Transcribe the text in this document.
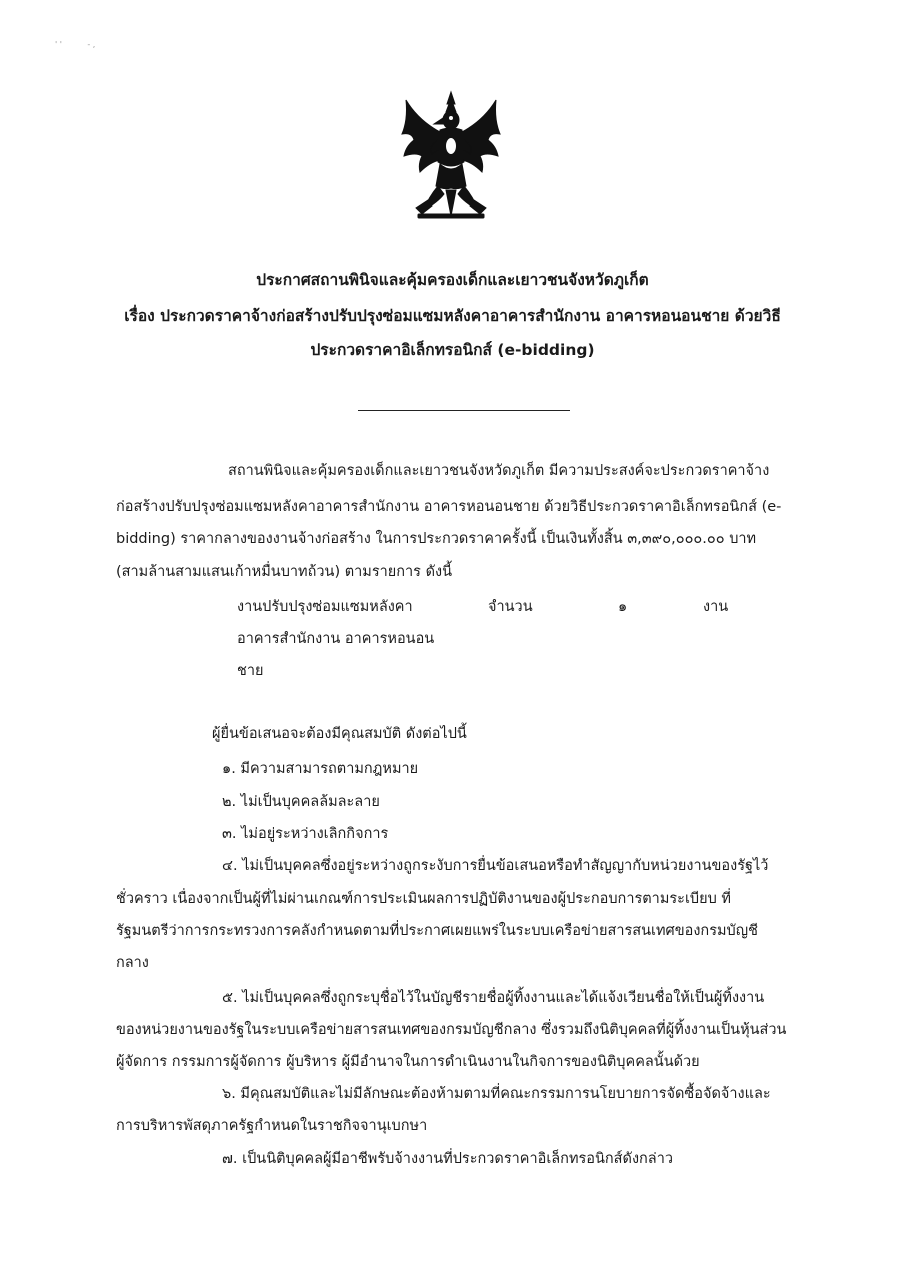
' '          - ,
ประกาศสถานพินิจและคุ้มครองเด็กและเยาวชนจังหวัดภูเก็ต
เรื่อง ประกวดราคาจ้างก่อสร้างปรับปรุงซ่อมแซมหลังคาอาคารสำนักงาน อาคารหอนอนชาย ด้วยวิธี
ประกวดราคาอิเล็กทรอนิกส์ (e-bidding)
สถานพินิจและคุ้มครองเด็กและเยาวชนจังหวัดภูเก็ต มีความประสงค์จะประกวดราคาจ้าง
ก่อสร้างปรับปรุงซ่อมแซมหลังคาอาคารสำนักงาน อาคารหอนอนชาย ด้วยวิธีประกวดราคาอิเล็กทรอนิกส์ (e-
bidding) ราคากลางของงานจ้างก่อสร้าง ในการประกวดราคาครั้งนี้ เป็นเงินทั้งสิ้น ๓,๓๙๐,๐๐๐.๐๐ บาท
(สามล้านสามแสนเก้าหมื่นบาทถ้วน) ตามรายการ ดังนี้
งานปรับปรุงซ่อมแซมหลังคา
อาคารสำนักงาน อาคารหอนอน
ชาย
จำนวน	๑	งาน
ผู้ยื่นข้อเสนอจะต้องมีคุณสมบัติ ดังต่อไปนี้
๑. มีความสามารถตามกฎหมาย
๒. ไม่เป็นบุคคลล้มละลาย
๓. ไม่อยู่ระหว่างเลิกกิจการ
๔. ไม่เป็นบุคคลซึ่งอยู่ระหว่างถูกระงับการยื่นข้อเสนอหรือทำสัญญากับหน่วยงานของรัฐไว้
ชั่วคราว เนื่องจากเป็นผู้ที่ไม่ผ่านเกณฑ์การประเมินผลการปฏิบัติงานของผู้ประกอบการตามระเบียบ ที่
รัฐมนตรีว่าการกระทรวงการคลังกำหนดตามที่ประกาศเผยแพร่ในระบบเครือข่ายสารสนเทศของกรมบัญชี
กลาง
๕. ไม่เป็นบุคคลซึ่งถูกระบุชื่อไว้ในบัญชีรายชื่อผู้ทิ้งงานและได้แจ้งเวียนชื่อให้เป็นผู้ทิ้งงาน
ของหน่วยงานของรัฐในระบบเครือข่ายสารสนเทศของกรมบัญชีกลาง ซึ่งรวมถึงนิติบุคคลที่ผู้ทิ้งงานเป็นหุ้นส่วน
ผู้จัดการ กรรมการผู้จัดการ ผู้บริหาร ผู้มีอำนาจในการดำเนินงานในกิจการของนิติบุคคลนั้นด้วย
๖. มีคุณสมบัติและไม่มีลักษณะต้องห้ามตามที่คณะกรรมการนโยบายการจัดซื้อจัดจ้างและ
การบริหารพัสดุภาครัฐกำหนดในราชกิจจานุเบกษา
๗. เป็นนิติบุคคลผู้มีอาชีพรับจ้างงานที่ประกวดราคาอิเล็กทรอนิกส์ดังกล่าว
